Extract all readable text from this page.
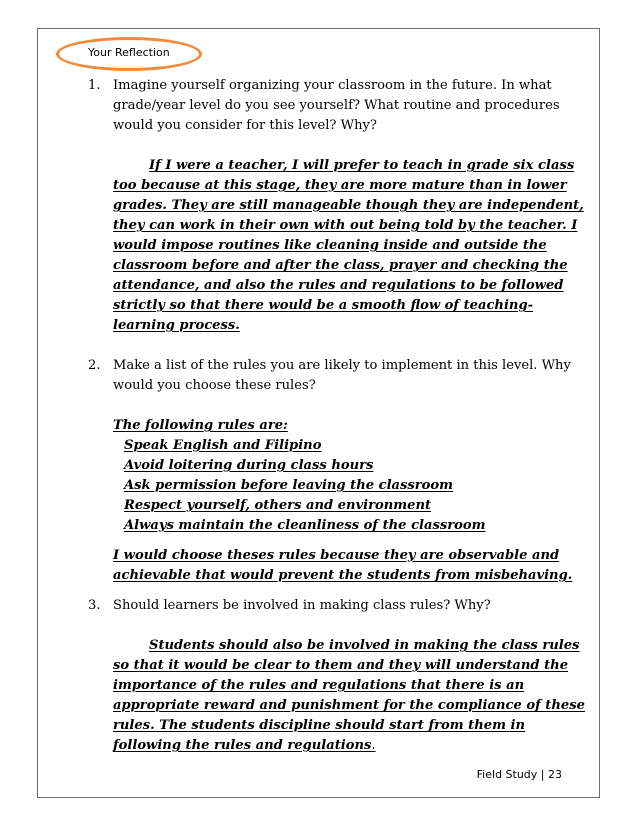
Your Reflection
1. Imagine yourself organizing your classroom in the future. In what grade/year level do you see yourself? What routine and procedures would you consider for this level? Why?
If I were a teacher, I will prefer to teach in grade six class too because at this stage, they are more mature than in lower grades. They are still manageable though they are independent, they can work in their own with out being told by the teacher. I would impose routines like cleaning inside and outside the classroom before and after the class, prayer and checking the attendance, and also the rules and regulations to be followed strictly so that there would be a smooth flow of teaching-learning process.
2. Make a list of the rules you are likely to implement in this level. Why would you choose these rules?
The following rules are:
Speak English and Filipino
Avoid loitering during class hours
Ask permission before leaving the classroom
Respect yourself, others and environment
Always maintain the cleanliness of the classroom
I would choose theses rules because they are observable and achievable that would prevent the students from misbehaving.
3. Should learners be involved in making class rules? Why?
Students should also be involved in making the class rules so that it would be clear to them and they will understand the importance of the rules and regulations that there is an appropriate reward and punishment for the compliance of these rules. The students discipline should start from them in following the rules and regulations.
Field Study | 23
